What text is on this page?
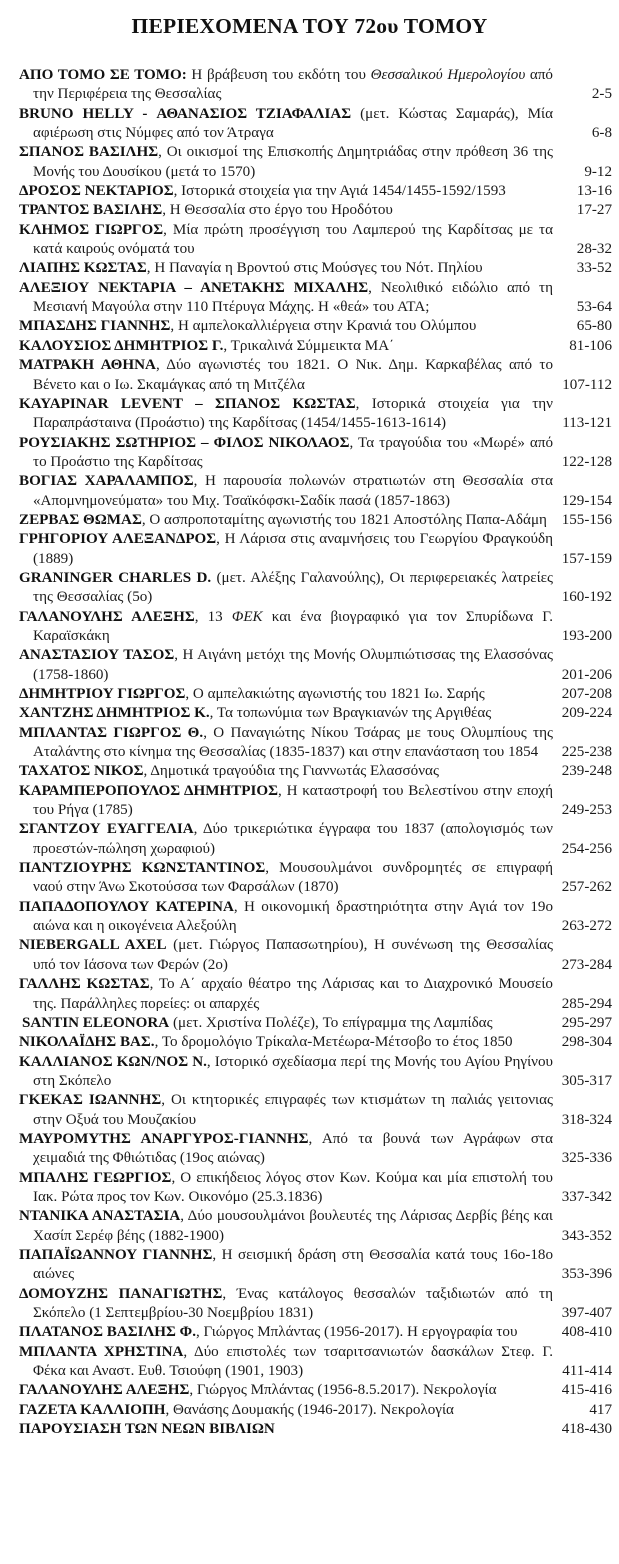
ΠΕΡΙΕΧΟΜΕΝΑ ΤΟΥ 72ου ΤΟΜΟΥ
ΑΠΟ ΤΟΜΟ ΣΕ ΤΟΜΟ: Η βράβευση του εκδότη του Θεσσαλικού Ημερολογίου από την Περιφέρεια της Θεσσαλίας	2-5
BRUNO HELLY - ΑΘΑΝΑΣΙΟΣ ΤΖΙΑΦΑΛΙΑΣ (μετ. Κώστας Σαμαράς), Μία αφιέρωση στις Νύμφες από τον Άτραγα	6-8
ΣΠΑΝΟΣ ΒΑΣΙΛΗΣ, Οι οικισμοί της Επισκοπής Δημητριάδας στην πρόθεση 36 της Μονής του Δουσίκου (μετά το 1570)	9-12
ΔΡΟΣΟΣ ΝΕΚΤΑΡΙΟΣ, Ιστορικά στοιχεία για την Αγιά 1454/1455-1592/1593	13-16
ΤΡΑΝΤΟΣ ΒΑΣΙΛΗΣ, Η Θεσσαλία στο έργο του Ηροδότου	17-27
ΚΛΗΜΟΣ ΓΙΩΡΓΟΣ, Μία πρώτη προσέγγιση του Λαμπερού της Καρδίτσας με τα κατά καιρούς ονόματά του	28-32
ΛΙΑΠΗΣ ΚΩΣΤΑΣ, Η Παναγία η Βροντού στις Μούσγες του Νότ. Πηλίου	33-52
ΑΛΕΞΙΟΥ ΝΕΚΤΑΡΙΑ – ΑΝΕΤΑΚΗΣ ΜΙΧΑΛΗΣ, Νεολιθικό ειδώλιο από τη Μεσιανή Μαγούλα στην 110 Πτέρυγα Μάχης. Η «θεά» του ΑΤΑ;	53-64
ΜΠΑΣΔΗΣ ΓΙΑΝΝΗΣ, Η αμπελοκαλλιέργεια στην Κρανιά του Ολύμπου	65-80
ΚΑΛΟΥΣΙΟΣ ΔΗΜΗΤΡΙΟΣ Γ., Τρικαλινά Σύμμεικτα ΜΑ΄	81-106
ΜΑΤΡΑΚΗ ΑΘΗΝΑ, Δύο αγωνιστές του 1821. Ο Νικ. Δημ. Καρκαβέλας από το Βένετο και ο Ιω. Σκαμάγκας από τη Μιτζέλα	107-112
KAYAPINAR LEVENT – ΣΠΑΝΟΣ ΚΩΣΤΑΣ, Ιστορικά στοιχεία για την Παραπράσταινα (Προάστιο) της Καρδίτσας (1454/1455-1613-1614)	113-121
ΡΟΥΣΙΑΚΗΣ ΣΩΤΗΡΙΟΣ – ΦΙΛΟΣ ΝΙΚΟΛΑΟΣ, Τα τραγούδια του «Μωρέ» από το Προάστιο της Καρδίτσας	122-128
ΒΟΓΙΑΣ ΧΑΡΑΛΑΜΠΟΣ, Η παρουσία πολωνών στρατιωτών στη Θεσσαλία στα «Απομνημονεύματα» του Μιχ. Τσαϊκόφσκι-Σαδίκ πασά (1857-1863)	129-154
ΖΕΡΒΑΣ ΘΩΜΑΣ, Ο ασπροποταμίτης αγωνιστής του 1821 Αποστόλης Παπα-Αδάμη 155-156
ΓΡΗΓΟΡΙΟΥ ΑΛΕΞΑΝΔΡΟΣ, Η Λάρισα στις αναμνήσεις του Γεωργίου Φραγκούδη (1889)	157-159
GRANINGER CHARLES D. (μετ. Αλέξης Γαλανούλης), Οι περιφερειακές λατρείες της Θεσσαλίας (5ο)	160-192
ΓΑΛΑΝΟΥΛΗΣ ΑΛΕΞΗΣ, 13 ΦΕΚ και ένα βιογραφικό για τον Σπυρίδωνα Γ. Καραϊσκάκη	193-200
ΑΝΑΣΤΑΣΙΟΥ ΤΑΣΟΣ, Η Αιγάνη μετόχι της Μονής Ολυμπιώτισσας της Ελασσόνας (1758-1860)	201-206
ΔΗΜΗΤΡΙΟΥ ΓΙΩΡΓΟΣ, Ο αμπελακιώτης αγωνιστής του 1821 Ιω. Σαρής	207-208
ΧΑΝΤΖΗΣ ΔΗΜΗΤΡΙΟΣ Κ., Τα τοπωνύμια των Βραγκιανών της Αργιθέας	209-224
ΜΠΛΑΝΤΑΣ ΓΙΩΡΓΟΣ Θ., Ο Παναγιώτης Νίκου Τσάρας με τους Ολυμπίους της Αταλάντης στο κίνημα της Θεσσαλίας (1835-1837) και στην επανάσταση του 1854	225-238
ΤΑΧΑΤΟΣ ΝΙΚΟΣ, Δημοτικά τραγούδια της Γιαννωτάς Ελασσόνας	239-248
ΚΑΡΑΜΠΕΡΟΠΟΥΛΟΣ ΔΗΜΗΤΡΙΟΣ, Η καταστροφή του Βελεστίνου στην εποχή του Ρήγα (1785)	249-253
ΣΓΑΝΤΖΟΥ ΕΥΑΓΓΕΛΙΑ, Δύο τρικεριώτικα έγγραφα του 1837 (απολογισμός των προεστών-πώληση χωραφιού)	254-256
ΠΑΝΤΖΙΟΥΡΗΣ ΚΩΝΣΤΑΝΤΙΝΟΣ, Μουσουλμάνοι συνδρομητές σε επιγραφή ναού στην Άνω Σκοτούσσα των Φαρσάλων (1870)	257-262
ΠΑΠΑΔΟΠΟΥΛΟΥ ΚΑΤΕΡΙΝΑ, Η οικονομική δραστηριότητα στην Αγιά τον 19ο αιώνα και η οικογένεια Αλεξούλη	263-272
NIEBERGALL AXEL (μετ. Γιώργος Παπασωτηρίου), Η συνένωση της Θεσσαλίας υπό τον Ιάσονα των Φερών (2ο)	273-284
ΓΑΛΛΗΣ ΚΩΣΤΑΣ, Το Α΄ αρχαίο θέατρο της Λάρισας και το Διαχρονικό Μουσείο της. Παράλληλες πορείες: οι απαρχές	285-294
SANTIN ELEONORA (μετ. Χριστίνα Πολέζε), Το επίγραμμα της Λαμπίδας	295-297
ΝΙΚΟΛΑΪΔΗΣ ΒΑΣ., Το δρομολόγιο Τρίκαλα-Μετέωρα-Μέτσοβο το έτος 1850	298-304
ΚΑΛΛΙΑΝΟΣ ΚΩΝ/ΝΟΣ Ν., Ιστορικό σχεδίασμα περί της Μονής του Αγίου Ρηγίνου στη Σκόπελο	305-317
ΓΚΕΚΑΣ ΙΩΑΝΝΗΣ, Οι κτητορικές επιγραφές των κτισμάτων τη παλιάς γειτονιας στην Οξυά του Μουζακίου	318-324
ΜΑΥΡΟΜΥΤΗΣ ΑΝΑΡΓΥΡΟΣ-ΓΙΑΝΝΗΣ, Από τα βουνά των Αγράφων στα χειμαδιά της Φθιώτιδας (19ος αιώνας)	325-336
ΜΠΑΛΗΣ ΓΕΩΡΓΙΟΣ, Ο επικήδειος λόγος στον Κων. Κούμα και μία επιστολή του Ιακ. Ρώτα προς τον Κων. Οικονόμο (25.3.1836)	337-342
ΝΤΑΝΙΚΑ ΑΝΑΣΤΑΣΙΑ, Δύο μουσουλμάνοι βουλευτές της Λάρισας Δερβίς βέης και Χασίπ Σερέφ βέης (1882-1900)	343-352
ΠΑΠΑΪΩΑΝΝΟΥ ΓΙΑΝΝΗΣ, Η σεισμική δράση στη Θεσσαλία κατά τους 16ο-18ο αιώνες	353-396
ΔΟΜΟΥΖΗΣ ΠΑΝΑΓΙΩΤΗΣ, Ένας κατάλογος θεσσαλών ταξιδιωτών από τη Σκόπελο (1 Σεπτεμβρίου-30 Νοεμβρίου 1831)	397-407
ΠΛΑΤΑΝΟΣ ΒΑΣΙΛΗΣ Φ., Γιώργος Μπλάντας (1956-2017). Η εργογραφία του	408-410
ΜΠΛΑΝΤΑ ΧΡΗΣΤΙΝΑ, Δύο επιστολές των τσαριτσανιωτών δασκάλων Στεφ. Γ. Φέκα και Αναστ. Ευθ. Τσιούφη (1901, 1903)	411-414
ΓΑΛΑΝΟΥΛΗΣ ΑΛΕΞΗΣ, Γιώργος Μπλάντας (1956-8.5.2017). Νεκρολογία	415-416
ΓΑΖΕΤΑ ΚΑΛΛΙΟΠΗ, Θανάσης Δουμακής (1946-2017). Νεκρολογία	417
ΠΑΡΟΥΣΙΑΣΗ ΤΩΝ ΝΕΩΝ ΒΙΒΛΙΩΝ	418-430
